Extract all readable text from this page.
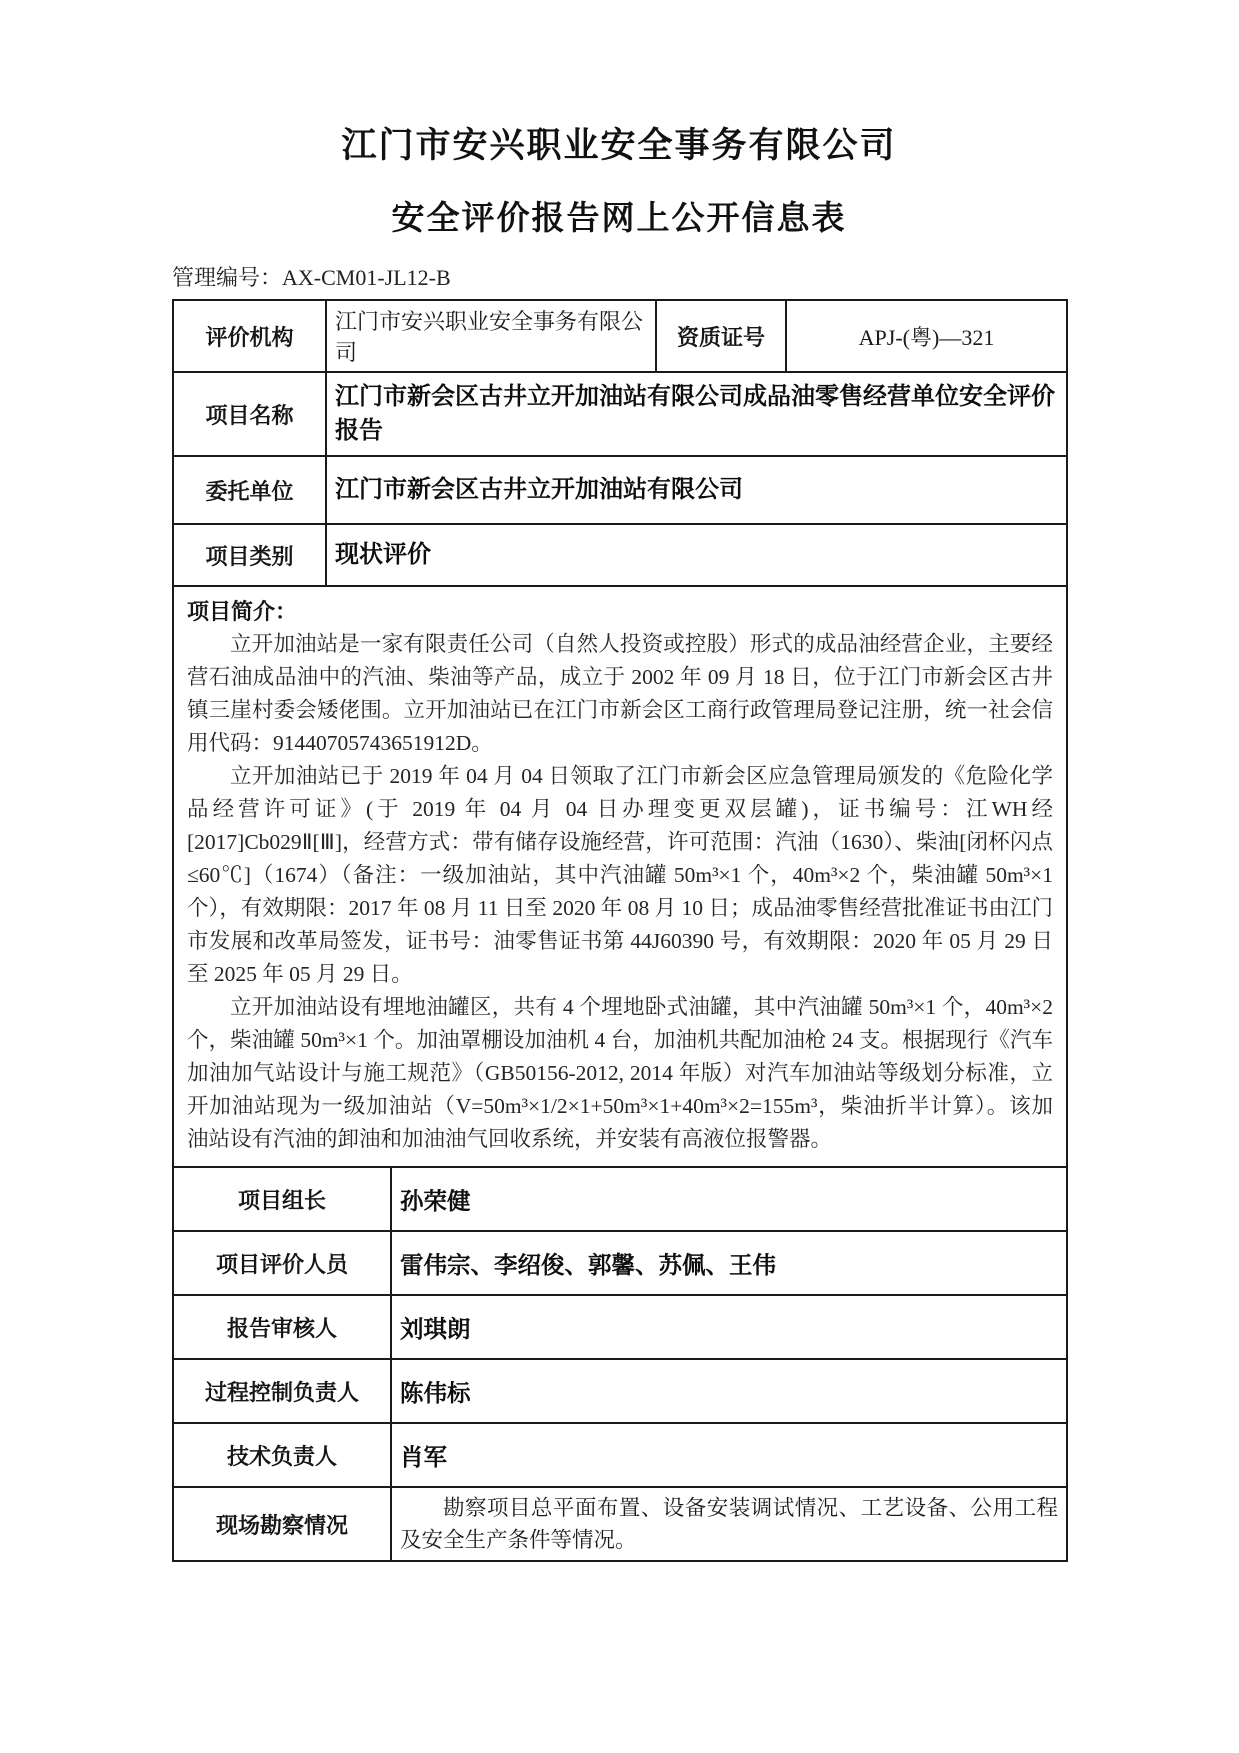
江门市安兴职业安全事务有限公司
安全评价报告网上公开信息表
管理编号：AX-CM01-JL12-B
评价机构	江门市安兴职业安全事务有限公司	资质证号	APJ-(粤)—321
项目名称	江门市新会区古井立开加油站有限公司成品油零售经营单位安全评价报告		
委托单位	江门市新会区古井立开加油站有限公司		
项目类别	现状评价		
项目简介：

立开加油站是一家有限责任公司（自然人投资或控股）形式的成品油经营企业，主要经营石油成品油中的汽油、柴油等产品，成立于 2002 年 09 月 18 日，位于江门市新会区古井镇三崖村委会矮佬围。立开加油站已在江门市新会区工商行政管理局登记注册，统一社会信用代码：91440705743651912D。

立开加油站已于 2019 年 04 月 04 日领取了江门市新会区应急管理局颁发的《危险化学品经营许可证》(于 2019 年 04 月 04 日办理变更双层罐)，证书编号：江WH经[2017]Cb029Ⅱ[Ⅲ]，经营方式：带有储存设施经营，许可范围：汽油（1630）、柴油[闭杯闪点≤60℃]（1674）（备注：一级加油站，其中汽油罐 50m³×1 个，40m³×2 个，柴油罐 50m³×1 个），有效期限：2017 年 08 月 11 日至 2020 年 08 月 10 日；成品油零售经营批准证书由江门市发展和改革局签发，证书号：油零售证书第 44J60390 号，有效期限：2020 年 05 月 29 日至 2025 年 05 月 29 日。

立开加油站设有埋地油罐区，共有 4 个埋地卧式油罐，其中汽油罐 50m³×1 个，40m³×2 个，柴油罐 50m³×1 个。加油罩棚设加油机 4 台，加油机共配加油枪 24 支。根据现行《汽车加油加气站设计与施工规范》（GB50156-2012, 2014 年版）对汽车加油站等级划分标准，立开加油站现为一级加油站（V=50m³×1/2×1+50m³×1+40m³×2=155m³，柴油折半计算）。该加油站设有汽油的卸油和加油油气回收系统，并安装有高液位报警器。

项目组长	孙荣健
项目评价人员	雷伟宗、李绍俊、郭馨、苏佩、王伟
报告审核人	刘琪朗
过程控制负责人	陈伟标
技术负责人	肖军
现场勘察情况	勘察项目总平面布置、设备安装调试情况、工艺设备、公用工程及安全生产条件等情况。
